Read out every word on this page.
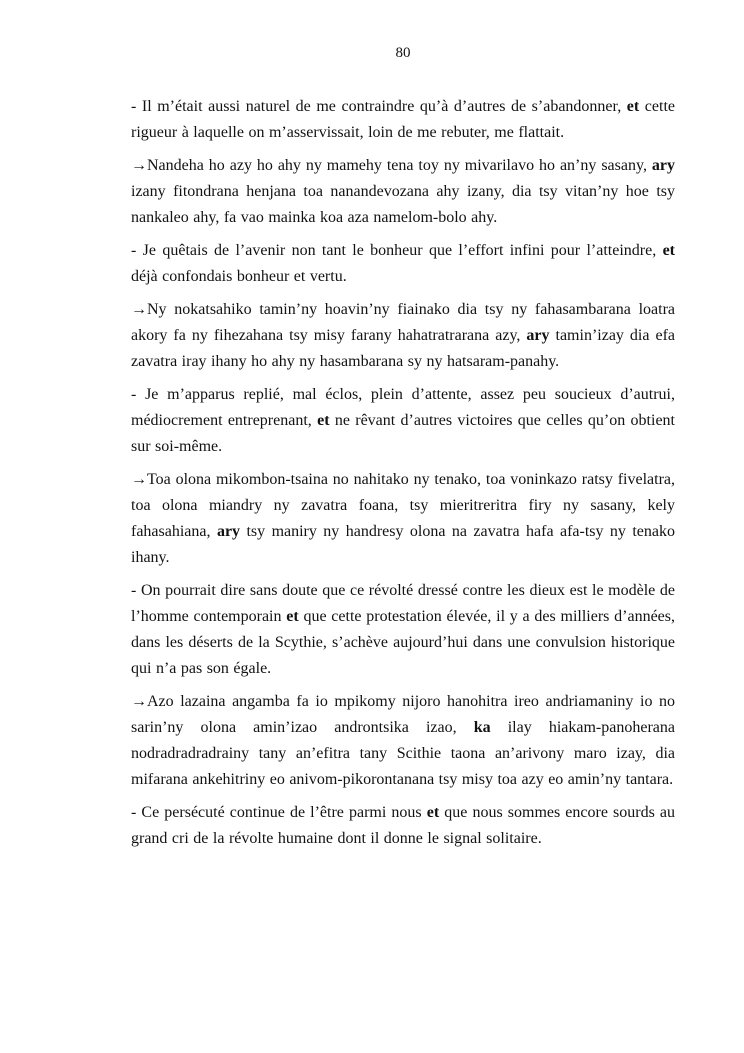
80

- Il m’était aussi naturel de me contraindre qu’à d’autres de s’abandonner, et cette rigueur à laquelle on m’asservissait, loin de me rebuter, me flattait.

→Nandeha ho azy ho ahy ny mamehy tena toy ny mivarilavo ho an’ny sasany, ary izany fitondrana henjana toa nanandevozana ahy izany, dia tsy vitan’ny hoe tsy nankaleo ahy, fa vao mainka koa aza namelom-bolo ahy.

- Je quêtais de l’avenir non tant le bonheur que l’effort infini pour l’atteindre, et déjà confondais bonheur et vertu.

→Ny nokatsahiko tamin’ny hoavin’ny fiainako dia tsy ny fahasambarana loatra akory fa ny fihezahana tsy misy farany hahatratrarana azy, ary tamin’izay dia efa zavatra iray ihany ho ahy ny hasambarana sy ny hatsaram-panahy.

- Je m’apparus replié, mal éclos, plein d’attente, assez peu soucieux d’autrui, médiocrement entreprenant, et ne rêvant d’autres victoires que celles qu’on obtient sur soi-même.

→Toa olona mikombon-tsaina no nahitako ny tenako, toa voninkazo ratsy fivelatra, toa olona miandry ny zavatra foana, tsy mieritreritra firy ny sasany, kely fahasahiana, ary tsy maniry ny handresy olona na zavatra hafa afa-tsy ny tenako ihany.

- On pourrait dire sans doute que ce révolté dressé contre les dieux est le modèle de l’homme contemporain et que cette protestation élevée, il y a des milliers d’années, dans les déserts de la Scythie, s’achève aujourd’hui dans une convulsion historique qui n’a pas son égale.

→Azo lazaina angamba fa io mpikomy nijoro hanohitra ireo andriamaniny io no sarin’ny olona amin’izao androntsika izao, ka ilay hiakam-panoherana nodradradradrainy tany an’efitra tany Scithie taona an’arivony maro izay, dia mifarana ankehitriny eo anivom-pikorontanana tsy misy toa azy eo amin’ny tantara.

- Ce persécuté continue de l’être parmi nous et que nous sommes encore sourds au grand cri de la révolte humaine dont il donne le signal solitaire.
